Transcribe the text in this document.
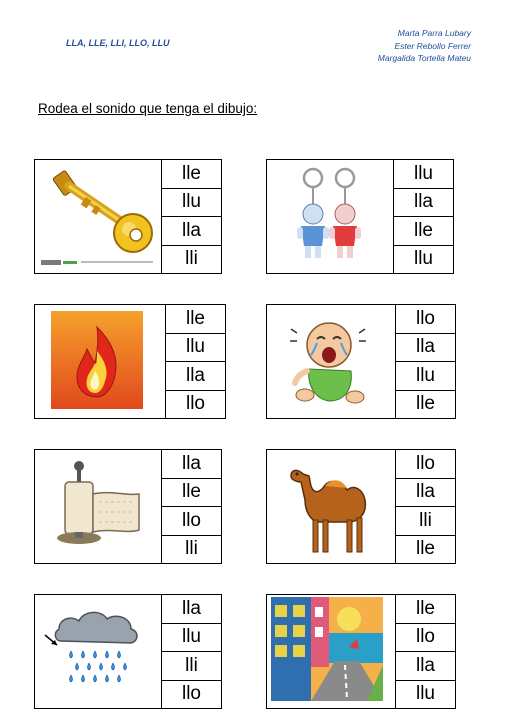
LLA, LLE, LLI, LLO, LLU
Marta Parra Lubary
Ester Rebollo Ferrer
Margalida Tortella Mateu
Rodea el sonido que tenga el dibujo:
lle
llu
lla
lli
llu
lla
lle
llu
lle
llu
lla
llo
llo
lla
llu
lle
lla
lle
llo
lli
llo
lla
lli
lle
lla
llu
lli
llo
lle
llo
lla
llu
